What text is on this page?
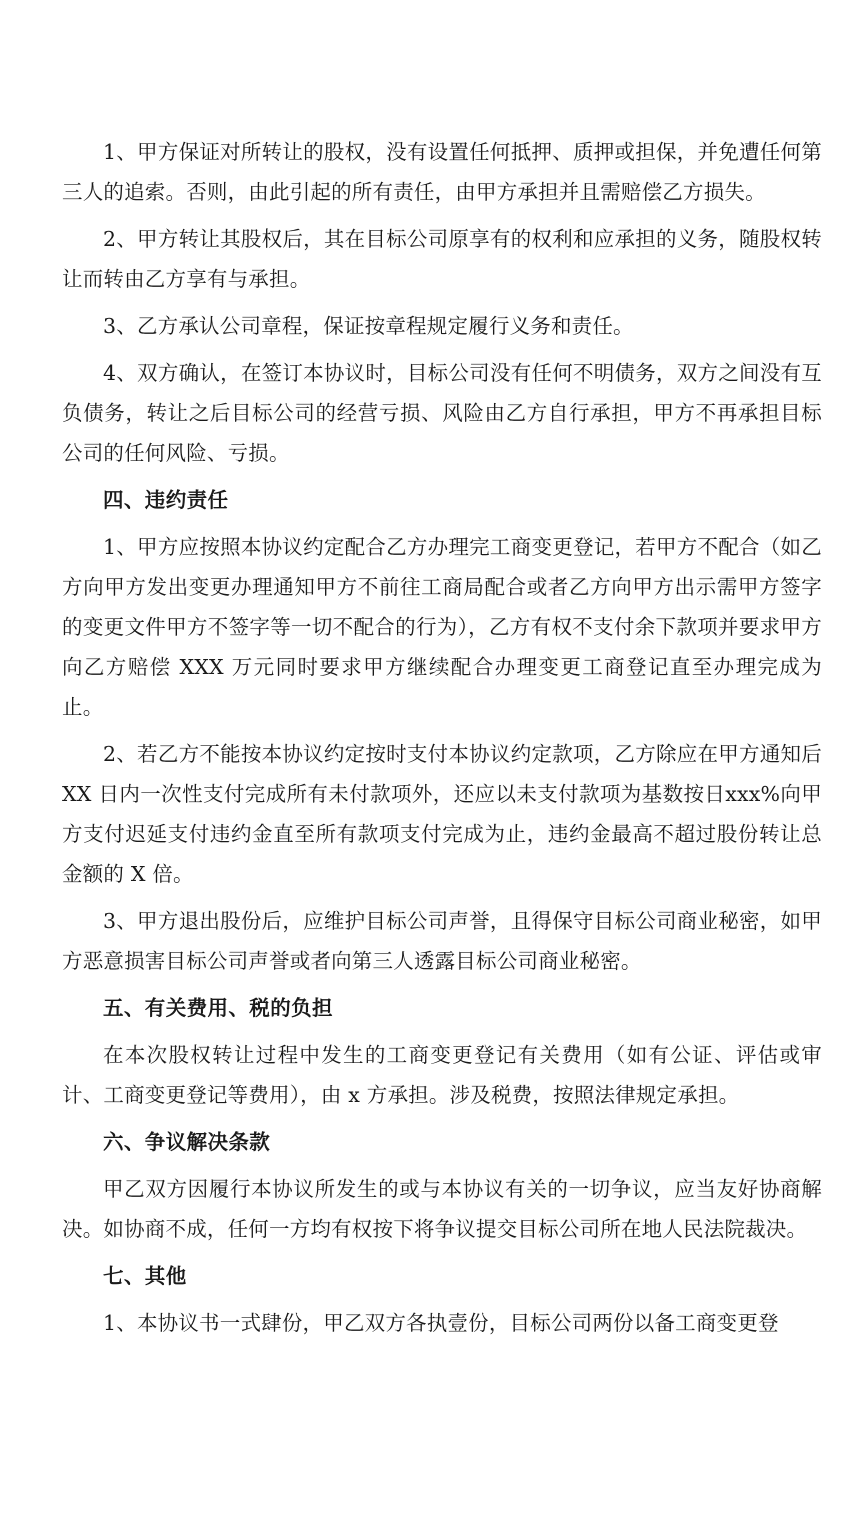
1、甲方保证对所转让的股权，没有设置任何抵押、质押或担保，并免遭任何第三人的追索。否则，由此引起的所有责任，由甲方承担并且需赔偿乙方损失。

2、甲方转让其股权后，其在目标公司原享有的权利和应承担的义务，随股权转让而转由乙方享有与承担。

3、乙方承认公司章程，保证按章程规定履行义务和责任。

4、双方确认，在签订本协议时，目标公司没有任何不明债务，双方之间没有互负债务，转让之后目标公司的经营亏损、风险由乙方自行承担，甲方不再承担目标公司的任何风险、亏损。

四、违约责任

1、甲方应按照本协议约定配合乙方办理完工商变更登记，若甲方不配合（如乙方向甲方发出变更办理通知甲方不前往工商局配合或者乙方向甲方出示需甲方签字的变更文件甲方不签字等一切不配合的行为），乙方有权不支付余下款项并要求甲方向乙方赔偿 XXX 万元同时要求甲方继续配合办理变更工商登记直至办理完成为止。

2、若乙方不能按本协议约定按时支付本协议约定款项，乙方除应在甲方通知后 XX 日内一次性支付完成所有未付款项外，还应以未支付款项为基数按日xxx%向甲方支付迟延支付违约金直至所有款项支付完成为止，违约金最高不超过股份转让总金额的 X 倍。

3、甲方退出股份后，应维护目标公司声誉，且得保守目标公司商业秘密，如甲方恶意损害目标公司声誉或者向第三人透露目标公司商业秘密。

五、有关费用、税的负担

在本次股权转让过程中发生的工商变更登记有关费用（如有公证、评估或审计、工商变更登记等费用），由 x 方承担。涉及税费，按照法律规定承担。

六、争议解决条款

甲乙双方因履行本协议所发生的或与本协议有关的一切争议，应当友好协商解决。如协商不成，任何一方均有权按下将争议提交目标公司所在地人民法院裁决。

七、其他

1、本协议书一式肆份，甲乙双方各执壹份，目标公司两份以备工商变更登
